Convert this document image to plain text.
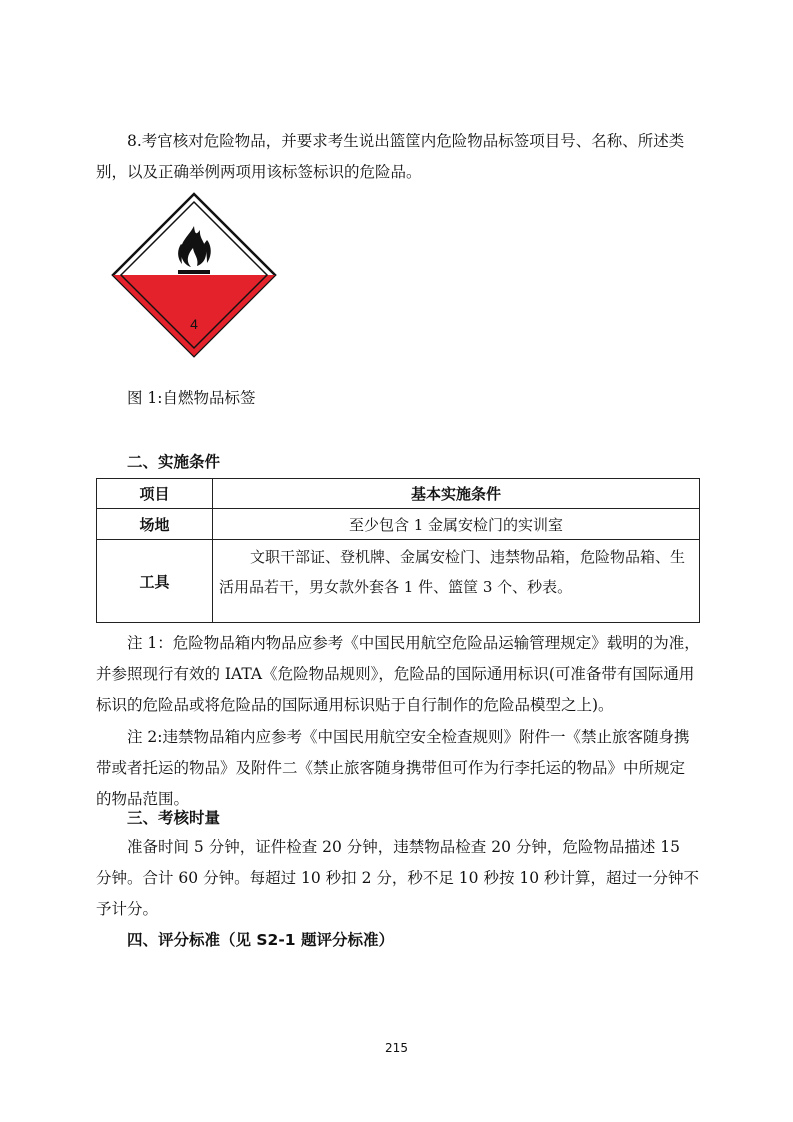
8.考官核对危险物品，并要求考生说出篮筐内危险物品标签项目号、名称、所述类别，以及正确举例两项用该标签标识的危险品。

4

图 1:自燃物品标签

二、实施条件

项目	基本实施条件
场地	至少包含 1 金属安检门的实训室
工具	文职干部证、登机牌、金属安检门、违禁物品箱，危险物品箱、生活用品若干，男女款外套各 1 件、篮筐 3 个、秒表。

注 1：危险物品箱内物品应参考《中国民用航空危险品运输管理规定》载明的为准，并参照现行有效的 IATA《危险物品规则》，危险品的国际通用标识(可准备带有国际通用标识的危险品或将危险品的国际通用标识贴于自行制作的危险品模型之上)。

注 2:违禁物品箱内应参考《中国民用航空安全检查规则》附件一《禁止旅客随身携带或者托运的物品》及附件二《禁止旅客随身携带但可作为行李托运的物品》中所规定的物品范围。

三、考核时量

准备时间 5 分钟，证件检查 20 分钟，违禁物品检查 20 分钟，危险物品描述 15 分钟。合计 60 分钟。每超过 10 秒扣 2 分，秒不足 10 秒按 10 秒计算，超过一分钟不予计分。

四、评分标准（见 S2-1 题评分标准）

215
